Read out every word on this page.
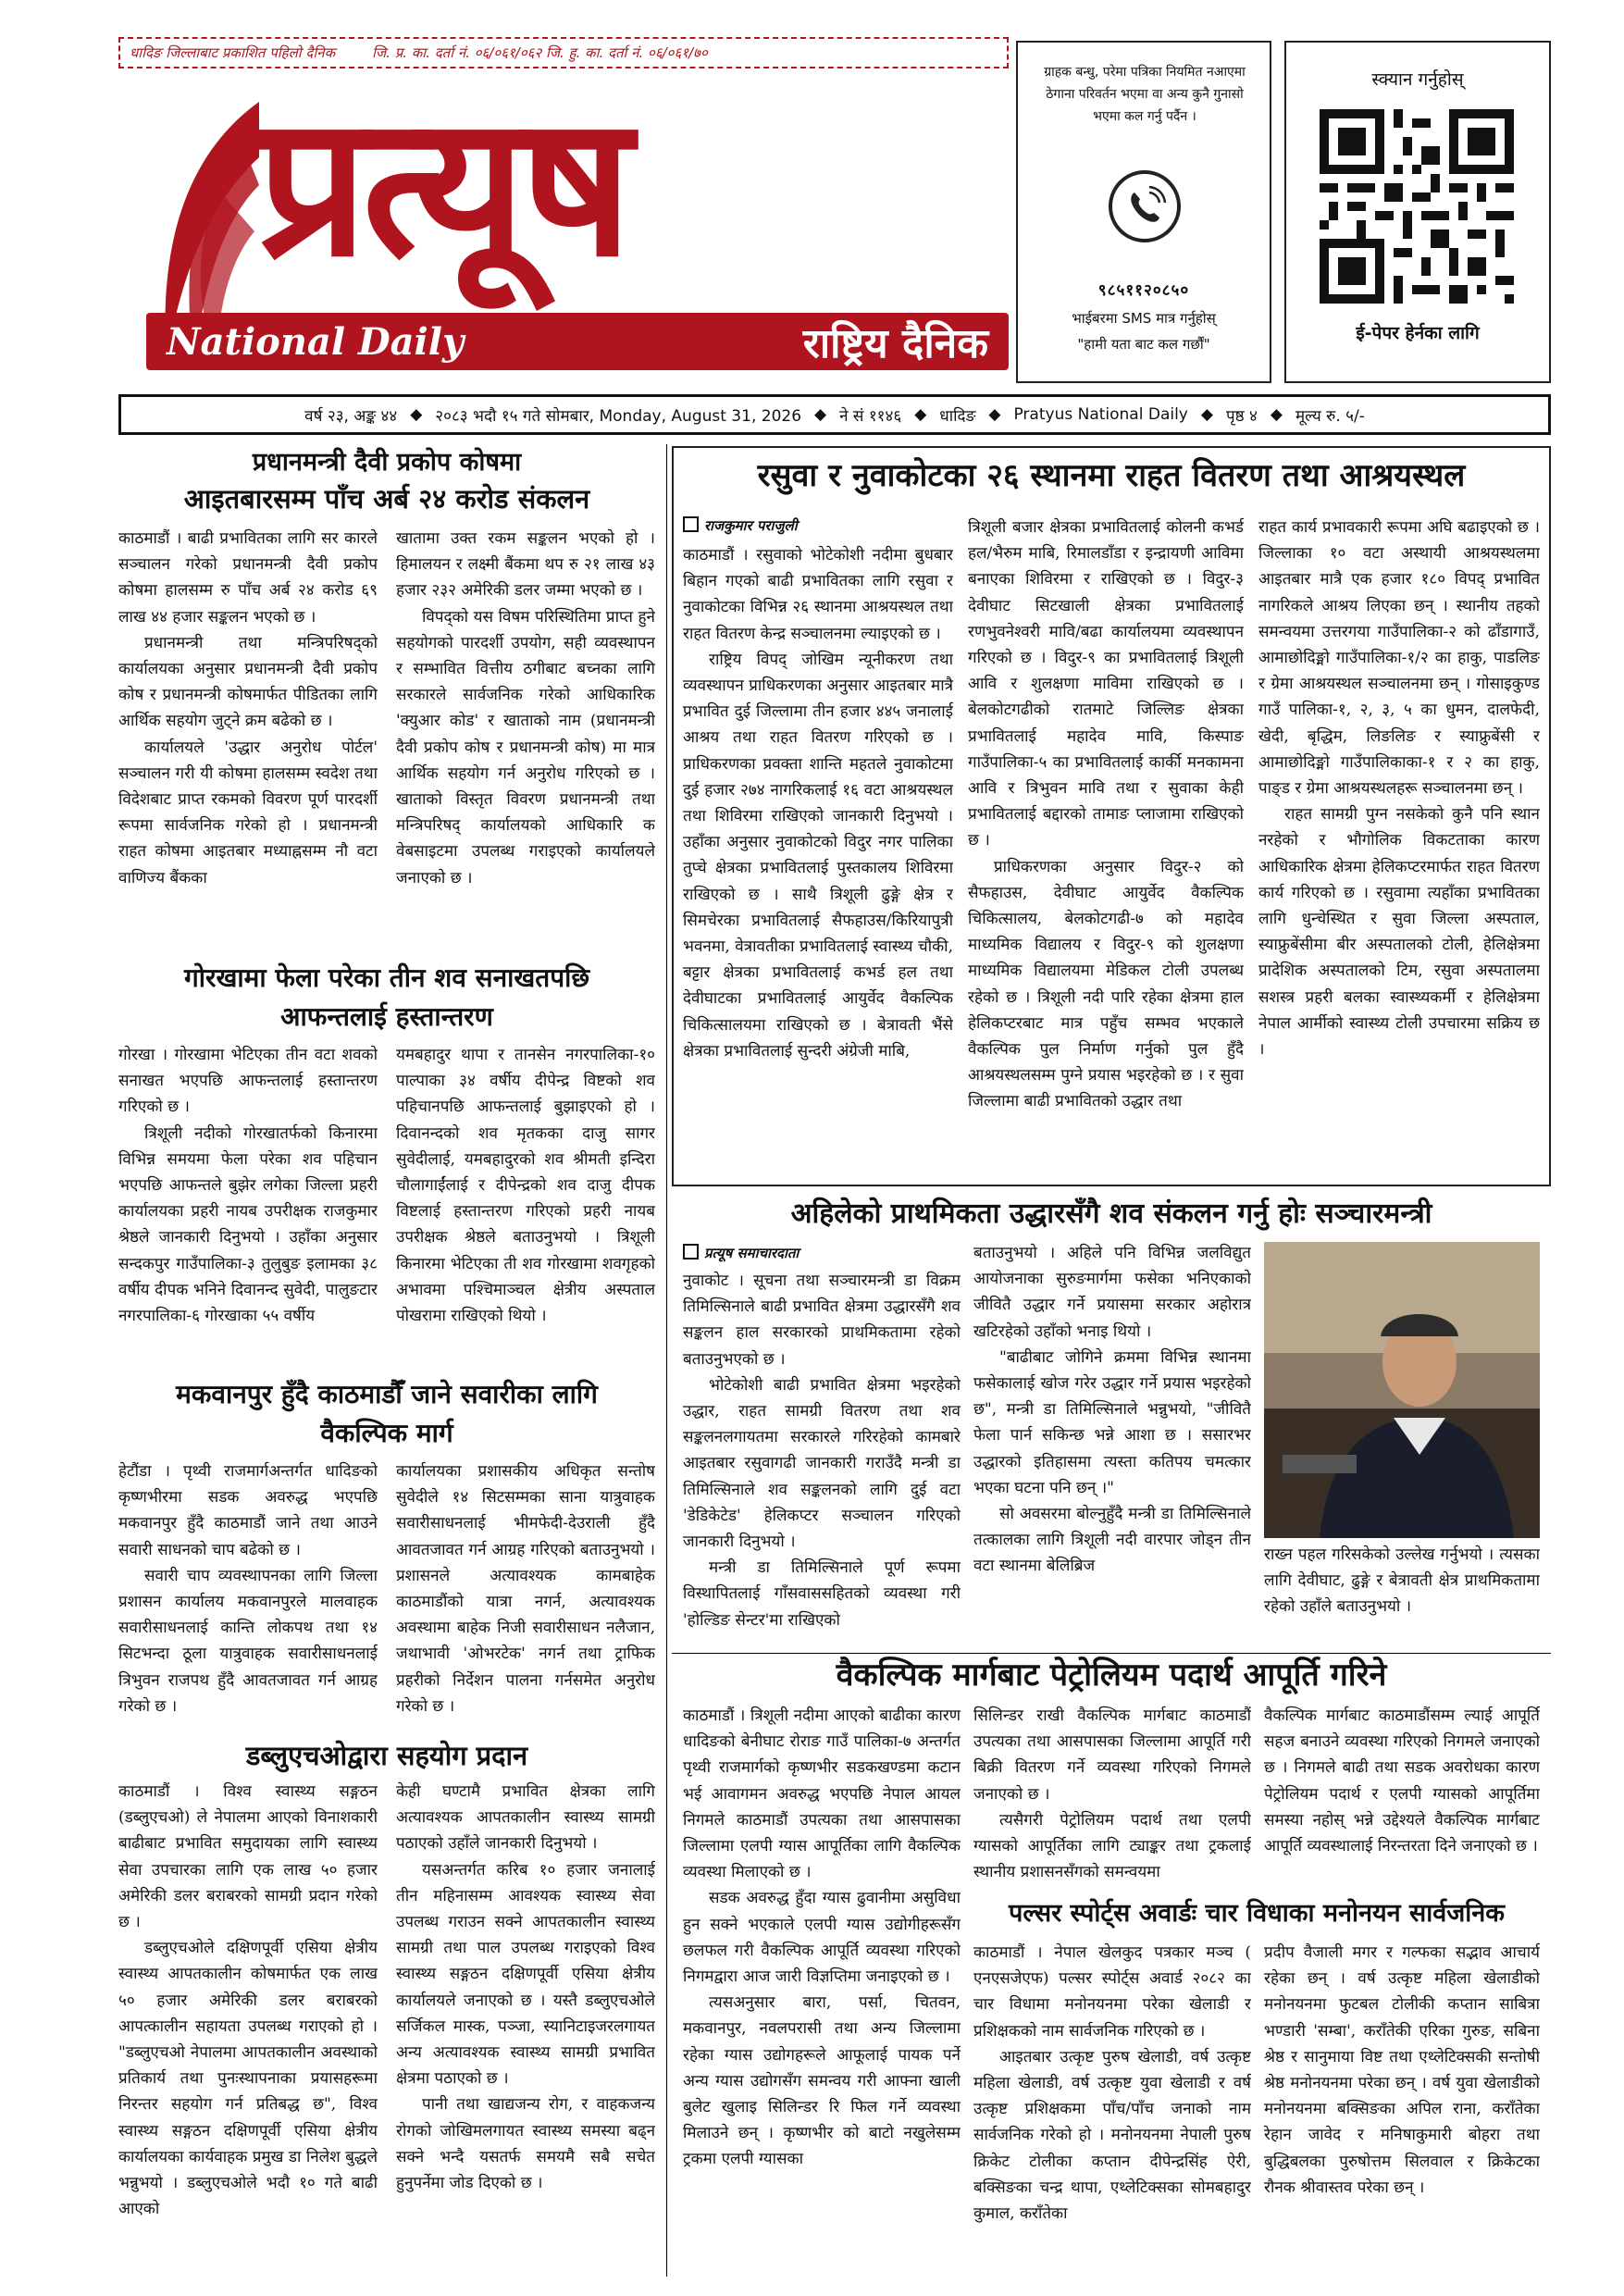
धादिङ जिल्लाबाट प्रकाशित पहिलो दैनिक	जि. प्र. का. दर्ता नं. ०६/०६१/०६२ जि. हु. का. दर्ता नं. ०६/०६१/७०
प्रत्यूष
National Daily	राष्ट्रिय दैनिक
ग्राहक बन्धु, परेमा पत्रिका नियमित नआएमा ठेगाना परिवर्तन भएमा वा अन्य कुनै गुनासो भएमा कल गर्नु पर्दैन ।
९८५११२०८५०
भाईबरमा SMS मात्र गर्नुहोस्
"हामी यता बाट कल गर्छौं"
स्क्यान गर्नुहोस्
ई-पेपर हेर्नका लागि
वर्ष २३, अङ्क ४४ ◆ २०८३ भदौ १५ गते सोमबार, Monday, August 31, 2026 ◆ ने सं ११४६ ◆ धादिङ ◆ Pratyus National Daily ◆ पृष्ठ ४ ◆ मूल्य रु. ५/-
प्रधानमन्त्री दैवी प्रकोप कोषमा
आइतबारसम्म पाँच अर्ब २४ करोड संकलन

काठमाडौं । बाढी प्रभावितका लागि सर कारले सञ्चालन गरेको प्रधानमन्त्री दैवी प्रकोप कोषमा हालसम्म रु पाँच अर्ब २४ करोड ६९ लाख ४४ हजार सङ्कलन भएको छ ।

प्रधानमन्त्री तथा मन्त्रिपरिषद्को कार्यालयका अनुसार प्रधानमन्त्री दैवी प्रकोप कोष र प्रधानमन्त्री कोषमार्फत पीडितका लागि आर्थिक सहयोग जुट्ने क्रम बढेको छ ।

कार्यालयले 'उद्धार अनुरोध पोर्टल' सञ्चालन गरी यी कोषमा हालसम्म स्वदेश तथा विदेशबाट प्राप्त रकमको विवरण पूर्ण पारदर्शी रूपमा सार्वजनिक गरेको हो । प्रधानमन्त्री राहत कोषमा आइतबार मध्याह्नसम्म नौ वटा वाणिज्य बैंकका

खातामा उक्त रकम सङ्कलन भएको हो । हिमालयन र लक्ष्मी बैंकमा थप रु २१ लाख ४३ हजार २३२ अमेरिकी डलर जम्मा भएको छ ।

विपद्को यस विषम परिस्थितिमा प्राप्त हुने सहयोगको पारदर्शी उपयोग, सही व्यवस्थापन र सम्भावित वित्तीय ठगीबाट बच्नका लागि सरकारले सार्वजनिक गरेको आधिकारिक 'क्युआर कोड' र खाताको नाम (प्रधानमन्त्री दैवी प्रकोप कोष र प्रधानमन्त्री कोष) मा मात्र आर्थिक सहयोग गर्न अनुरोध गरिएको छ । खाताको विस्तृत विवरण प्रधानमन्त्री तथा मन्त्रिपरिषद् कार्यालयको आधिकारि क वेबसाइटमा उपलब्ध गराइएको कार्यालयले जनाएको छ ।

गोरखामा फेला परेका तीन शव सनाखतपछि
आफन्तलाई हस्तान्तरण

गोरखा । गोरखामा भेटिएका तीन वटा शवको सनाखत भएपछि आफन्तलाई हस्तान्तरण गरिएको छ ।

त्रिशूली नदीको गोरखातर्फको किनारमा विभिन्न समयमा फेला परेका शव पहिचान भएपछि आफन्तले बुझेर लगेका जिल्ला प्रहरी कार्यालयका प्रहरी नायब उपरीक्षक राजकुमार श्रेष्ठले जानकारी दिनुभयो । उहाँका अनुसार सन्दकपुर गाउँपालिका-३ तुलुबुङ इलामका ३८ वर्षीय दीपक भनिने दिवानन्द सुवेदी, पालुङटार नगरपालिका-६ गोरखाका ५५ वर्षीय

यमबहादुर थापा र तानसेन नगरपालिका-१० पाल्पाका ३४ वर्षीय दीपेन्द्र विष्टको शव पहिचानपछि आफन्तलाई बुझाइएको हो । दिवानन्दको शव मृतकका दाजु सागर सुवेदीलाई, यमबहादुरको शव श्रीमती इन्दिरा चौलागाईंलाई र दीपेन्द्रको शव दाजु दीपक विष्टलाई हस्तान्तरण गरिएको प्रहरी नायब उपरीक्षक श्रेष्ठले बताउनुभयो । त्रिशूली किनारमा भेटिएका ती शव गोरखामा शवगृहको अभावमा पश्चिमाञ्चल क्षेत्रीय अस्पताल पोखरामा राखिएको थियो ।

मकवानपुर हुँदै काठमाडौँ जाने सवारीका लागि
वैकल्पिक मार्ग

हेटौंडा । पृथ्वी राजमार्गअन्तर्गत धादिङको कृष्णभीरमा सडक अवरुद्ध भएपछि मकवानपुर हुँदै काठमाडौं जाने तथा आउने सवारी साधनको चाप बढेको छ ।

सवारी चाप व्यवस्थापनका लागि जिल्ला प्रशासन कार्यालय मकवानपुरले मालवाहक सवारीसाधनलाई कान्ति लोकपथ तथा १४ सिटभन्दा ठूला यात्रुवाहक सवारीसाधनलाई त्रिभुवन राजपथ हुँदै आवतजावत गर्न आग्रह गरेको छ ।

कार्यालयका प्रशासकीय अधिकृत सन्तोष सुवेदीले १४ सिटसम्मका साना यात्रुवाहक सवारीसाधनलाई भीमफेदी-देउराली हुँदै आवतजावत गर्न आग्रह गरिएको बताउनुभयो । प्रशासनले अत्यावश्यक कामबाहेक काठमाडौंको यात्रा नगर्न, अत्यावश्यक अवस्थामा बाहेक निजी सवारीसाधन नलैजान, जथाभावी 'ओभरटेक' नगर्न तथा ट्राफिक प्रहरीको निर्देशन पालना गर्नसमेत अनुरोध गरेको छ ।

डब्लुएचओद्वारा सहयोग प्रदान

काठमाडौं । विश्व स्वास्थ्य सङ्गठन (डब्लुएचओ) ले नेपालमा आएको विनाशकारी बाढीबाट प्रभावित समुदायका लागि स्वास्थ्य सेवा उपचारका लागि एक लाख ५० हजार अमेरिकी डलर बराबरको सामग्री प्रदान गरेको छ ।

डब्लुएचओले दक्षिणपूर्वी एसिया क्षेत्रीय स्वास्थ्य आपतकालीन कोषमार्फत एक लाख ५० हजार अमेरिकी डलर बराबरको आपत्कालीन सहायता उपलब्ध गराएको हो । "डब्लुएचओ नेपालमा आपतकालीन अवस्थाको प्रतिकार्य तथा पुनःस्थापनाका प्रयासहरूमा निरन्तर सहयोग गर्न प्रतिबद्ध छ", विश्व स्वास्थ्य सङ्गठन दक्षिणपूर्वी एसिया क्षेत्रीय कार्यालयका कार्यवाहक प्रमुख डा निलेश बुद्धले भन्नुभयो । डब्लुएचओले भदौ १० गते बाढी आएको

केही घण्टामै प्रभावित क्षेत्रका लागि अत्यावश्यक आपतकालीन स्वास्थ्य सामग्री पठाएको उहाँले जानकारी दिनुभयो ।

यसअन्तर्गत करिब १० हजार जनालाई तीन महिनासम्म आवश्यक स्वास्थ्य सेवा उपलब्ध गराउन सक्ने आपतकालीन स्वास्थ्य सामग्री तथा पाल उपलब्ध गराइएको विश्व स्वास्थ्य सङ्गठन दक्षिणपूर्वी एसिया क्षेत्रीय कार्यालयले जनाएको छ । यस्तै डब्लुएचओले सर्जिकल मास्क, पञ्जा, स्यानिटाइजरलगायत अन्य अत्यावश्यक स्वास्थ्य सामग्री प्रभावित क्षेत्रमा पठाएको छ ।

पानी तथा खाद्यजन्य रोग, र वाहकजन्य रोगको जोखिमलगायत स्वास्थ्य समस्या बढ्न सक्ने भन्दै यसतर्फ समयमै सबै सचेत हुनुपर्नेमा जोड दिएको छ ।

रसुवा र नुवाकोटका २६ स्थानमा राहत वितरण तथा आश्रयस्थल
राजकुमार पराजुली

काठमाडौं । रसुवाको भोटेकोशी नदीमा बुधबार बिहान गएको बाढी प्रभावितका लागि रसुवा र नुवाकोटका विभिन्न २६ स्थानमा आश्रयस्थल तथा राहत वितरण केन्द्र सञ्चालनमा ल्याइएको छ ।

राष्ट्रिय विपद् जोखिम न्यूनीकरण तथा व्यवस्थापन प्राधिकरणका अनुसार आइतबार मात्रै प्रभावित दुई जिल्लामा तीन हजार ४४५ जनालाई आश्रय तथा राहत वितरण गरिएको छ । प्राधिकरणका प्रवक्ता शान्ति महतले नुवाकोटमा दुई हजार २७४ नागरिकलाई १६ वटा आश्रयस्थल तथा शिविरमा राखिएको जानकारी दिनुभयो । उहाँका अनुसार नुवाकोटको विदुर नगर पालिका तुप्चे क्षेत्रका प्रभावितलाई पुस्तकालय शिविरमा राखिएको छ । साथै त्रिशूली ढुङ्गे क्षेत्र र सिमचेरका प्रभावितलाई सैफहाउस/किरियापुत्री भवनमा, वेत्रावतीका प्रभावितलाई स्वास्थ्य चौकी, बट्टार क्षेत्रका प्रभावितलाई कभर्ड हल तथा देवीघाटका प्रभावितलाई आयुर्वेद वैकल्पिक चिकित्सालयमा राखिएको छ । बेत्रावती भैंसे क्षेत्रका प्रभावितलाई सुन्दरी अंग्रेजी माबि,

त्रिशूली बजार क्षेत्रका प्रभावितलाई कोलनी कभर्ड हल/भैरुम माबि, रिमालडाँडा र इन्द्रायणी आविमा बनाएका शिविरमा र राखिएको छ । विदुर-३ देवीघाट सिटखाली क्षेत्रका प्रभावितलाई रणभुवनेश्वरी मावि/बढा कार्यालयमा व्यवस्थापन गरिएको छ । विदुर-९ का प्रभावितलाई त्रिशूली आवि र शुलक्षणा माविमा राखिएको छ । बेलकोटगढीको रातमाटे जिल्लिङ क्षेत्रका प्रभावितलाई महादेव मावि, किस्पाङ गाउँपालिका-५ का प्रभावितलाई कार्की मनकामना आवि र त्रिभुवन मावि तथा र सुवाका केही प्रभावितलाई बद्दारको तामाङ प्लाजामा राखिएको छ ।

प्राधिकरणका अनुसार विदुर-२ को सैफहाउस, देवीघाट आयुर्वेद वैकल्पिक चिकित्सालय, बेलकोटगढी-७ को महादेव माध्यमिक विद्यालय र विदुर-९ को शुलक्षणा माध्यमिक विद्यालयमा मेडिकल टोली उपलब्ध रहेको छ । त्रिशूली नदी पारि रहेका क्षेत्रमा हाल हेलिकप्टरबाट मात्र पहुँच सम्भव भएकाले वैकल्पिक पुल निर्माण गर्नुको पुल हुँदै आश्रयस्थलसम्म पुग्ने प्रयास भइरहेको छ । र सुवा जिल्लामा बाढी प्रभावितको उद्धार तथा

राहत कार्य प्रभावकारी रूपमा अघि बढाइएको छ । जिल्लाका १० वटा अस्थायी आश्रयस्थलमा आइतबार मात्रै एक हजार १८० विपद् प्रभावित नागरिकले आश्रय लिएका छन् । स्थानीय तहको समन्वयमा उत्तरगया गाउँपालिका-२ को ढाँडागाउँ, आमाछोदिङ्मो गाउँपालिका-१/२ का हाकु, पाडलिङ र ग्रेमा आश्रयस्थल सञ्चालनमा छन् । गोसाइकुण्ड गाउँ पालिका-१, २, ३, ५ का धुमन, दालफेदी, खेदी, बृद्धिम, लिङलिङ र स्याफ्रुबेंसी र आमाछोदिङ्मो गाउँपालिकाका-१ र २ का हाकु, पाङ्ड र ग्रेमा आश्रयस्थलहरू सञ्चालनमा छन् ।

राहत सामग्री पुग्न नसकेको कुनै पनि स्थान नरहेको र भौगोलिक विकटताका कारण आधिकारिक क्षेत्रमा हेलिकप्टरमार्फत राहत वितरण कार्य गरिएको छ । रसुवामा त्यहाँका प्रभावितका लागि धुन्चेस्थित र सुवा जिल्ला अस्पताल, स्याफ्रुबेंसीमा बीर अस्पतालको टोली, हेलिक्षेत्रमा प्रादेशिक अस्पतालको टिम, रसुवा अस्पतालमा सशस्त्र प्रहरी बलका स्वास्थ्यकर्मी र हेलिक्षेत्रमा नेपाल आर्मीको स्वास्थ्य टोली उपचारमा सक्रिय छ ।

अहिलेको प्राथमिकता उद्धारसँगै शव संकलन गर्नु होः सञ्चारमन्त्री
प्रत्यूष समाचारदाता

नुवाकोट । सूचना तथा सञ्चारमन्त्री डा विक्रम तिमिल्सिनाले बाढी प्रभावित क्षेत्रमा उद्धारसँगै शव सङ्कलन हाल सरकारको प्राथमिकतामा रहेको बताउनुभएको छ ।

भोटेकोशी बाढी प्रभावित क्षेत्रमा भइरहेको उद्धार, राहत सामग्री वितरण तथा शव सङ्कलनलगायतमा सरकारले गरिरहेको कामबारे आइतबार रसुवागढी जानकारी गराउँदै मन्त्री डा तिमिल्सिनाले शव सङ्कलनको लागि दुई वटा 'डेडिकेटेड' हेलिकप्टर सञ्चालन गरिएको जानकारी दिनुभयो ।

मन्त्री डा तिमिल्सिनाले पूर्ण रूपमा विस्थापितलाई गाँसवाससहितको व्यवस्था गरी 'होल्डिङ सेन्टर'मा राखिएको

बताउनुभयो । अहिले पनि विभिन्न जलविद्युत आयोजनाका सुरुङमार्गमा फसेका भनिएकाको जीवितै उद्धार गर्ने प्रयासमा सरकार अहोरात्र खटिरहेको उहाँको भनाइ थियो ।

"बाढीबाट जोगिने क्रममा विभिन्न स्थानमा फसेकालाई खोज गरेर उद्धार गर्ने प्रयास भइरहेको छ", मन्त्री डा तिमिल्सिनाले भन्नुभयो, "जीवितै फेला पार्न सकिन्छ भन्ने आशा छ । ससारभर उद्धारको इतिहासमा त्यस्ता कतिपय चमत्कार भएका घटना पनि छन् ।"

सो अवसरमा बोल्नुहुँदै मन्त्री डा तिमिल्सिनाले तत्कालका लागि त्रिशूली नदी वारपार जोड्न तीन वटा स्थानमा बेलिब्रिज

राख्न पहल गरिसकेको उल्लेख गर्नुभयो । त्यसका लागि देवीघाट, ढुङ्गे र बेत्रावती क्षेत्र प्राथमिकतामा रहेको उहाँले बताउनुभयो ।
वैकल्पिक मार्गबाट पेट्रोलियम पदार्थ आपूर्ति गरिने

काठमाडौं । त्रिशूली नदीमा आएको बाढीका कारण धादिङको बेनीघाट रोराङ गाउँ पालिका-७ अन्तर्गत पृथ्वी राजमार्गको कृष्णभीर सडकखण्डमा कटान भई आवागमन अवरुद्ध भएपछि नेपाल आयल निगमले काठमाडौं उपत्यका तथा आसपासका जिल्लामा एलपी ग्यास आपूर्तिका लागि वैकल्पिक व्यवस्था मिलाएको छ ।

सडक अवरुद्ध हुँदा ग्यास ढुवानीमा असुविधा हुन सक्ने भएकाले एलपी ग्यास उद्योगीहरूसँग छलफल गरी वैकल्पिक आपूर्ति व्यवस्था गरिएको निगमद्वारा आज जारी विज्ञप्तिमा जनाइएको छ ।

त्यसअनुसार बारा, पर्सा, चितवन, मकवानपुर, नवलपरासी तथा अन्य जिल्लामा रहेका ग्यास उद्योगहरूले आफूलाई पायक पर्ने अन्य ग्यास उद्योगसँग समन्वय गरी आफ्ना खाली बुलेट खुलाइ सिलिन्डर रि फिल गर्ने व्यवस्था मिलाउने छन् । कृष्णभीर को बाटो नखुलेसम्म ट्रकमा एलपी ग्यासका

सिलिन्डर राखी वैकल्पिक मार्गबाट काठमाडौं उपत्यका तथा आसपासका जिल्लामा आपूर्ति गरी बिक्री वितरण गर्ने व्यवस्था गरिएको निगमले जनाएको छ ।

त्यसैगरी पेट्रोलियम पदार्थ तथा एलपी ग्यासको आपूर्तिका लागि ट्याङ्कर तथा ट्रकलाई स्थानीय प्रशासनसँगको समन्वयमा

वैकल्पिक मार्गबाट काठमाडौंसम्म ल्याई आपूर्ति सहज बनाउने व्यवस्था गरिएको निगमले जनाएको छ । निगमले बाढी तथा सडक अवरोधका कारण पेट्रोलियम पदार्थ र एलपी ग्यासको आपूर्तिमा समस्या नहोस् भन्ने उद्देश्यले वैकल्पिक मार्गबाट आपूर्ति व्यवस्थालाई निरन्तरता दिने जनाएको छ ।

पल्सर स्पोर्ट्स अवार्डः चार विधाका मनोनयन सार्वजनिक

काठमाडौं । नेपाल खेलकुद पत्रकार मञ्च ( एनएसजेएफ) पल्सर स्पोर्ट्स अवार्ड २०८२ का चार विधामा मनोनयनमा परेका खेलाडी र प्रशिक्षकको नाम सार्वजनिक गरिएको छ ।

आइतबार उत्कृष्ट पुरुष खेलाडी, वर्ष उत्कृष्ट महिला खेलाडी, वर्ष उत्कृष्ट युवा खेलाडी र वर्ष उत्कृष्ट प्रशिक्षकमा पाँच/पाँच जनाको नाम सार्वजनिक गरेको हो । मनोनयनमा नेपाली पुरुष क्रिकेट टोलीका कप्तान दीपेन्द्रसिंह ऐरी, बक्सिङका चन्द्र थापा, एथ्लेटिक्सका सोमबहादुर कुमाल, कराँतेका

प्रदीप वैजाली मगर र गल्फका सद्भाव आचार्य रहेका छन् । वर्ष उत्कृष्ट महिला खेलाडीको मनोनयनमा फुटबल टोलीकी कप्तान साबित्रा भण्डारी 'सम्बा', कराँतेकी एरिका गुरुङ, सबिना श्रेष्ठ र सानुमाया विष्ट तथा एथ्लेटिक्सकी सन्तोषी श्रेष्ठ मनोनयनमा परेका छन् । वर्ष युवा खेलाडीको मनोनयनमा बक्सिङका अपिल राना, कराँतेका रेहान जावेद र मनिषाकुमारी बोहरा तथा बुद्धिबलका पुरुषोत्तम सिलवाल र क्रिकेटका रौनक श्रीवास्तव परेका छन् ।
